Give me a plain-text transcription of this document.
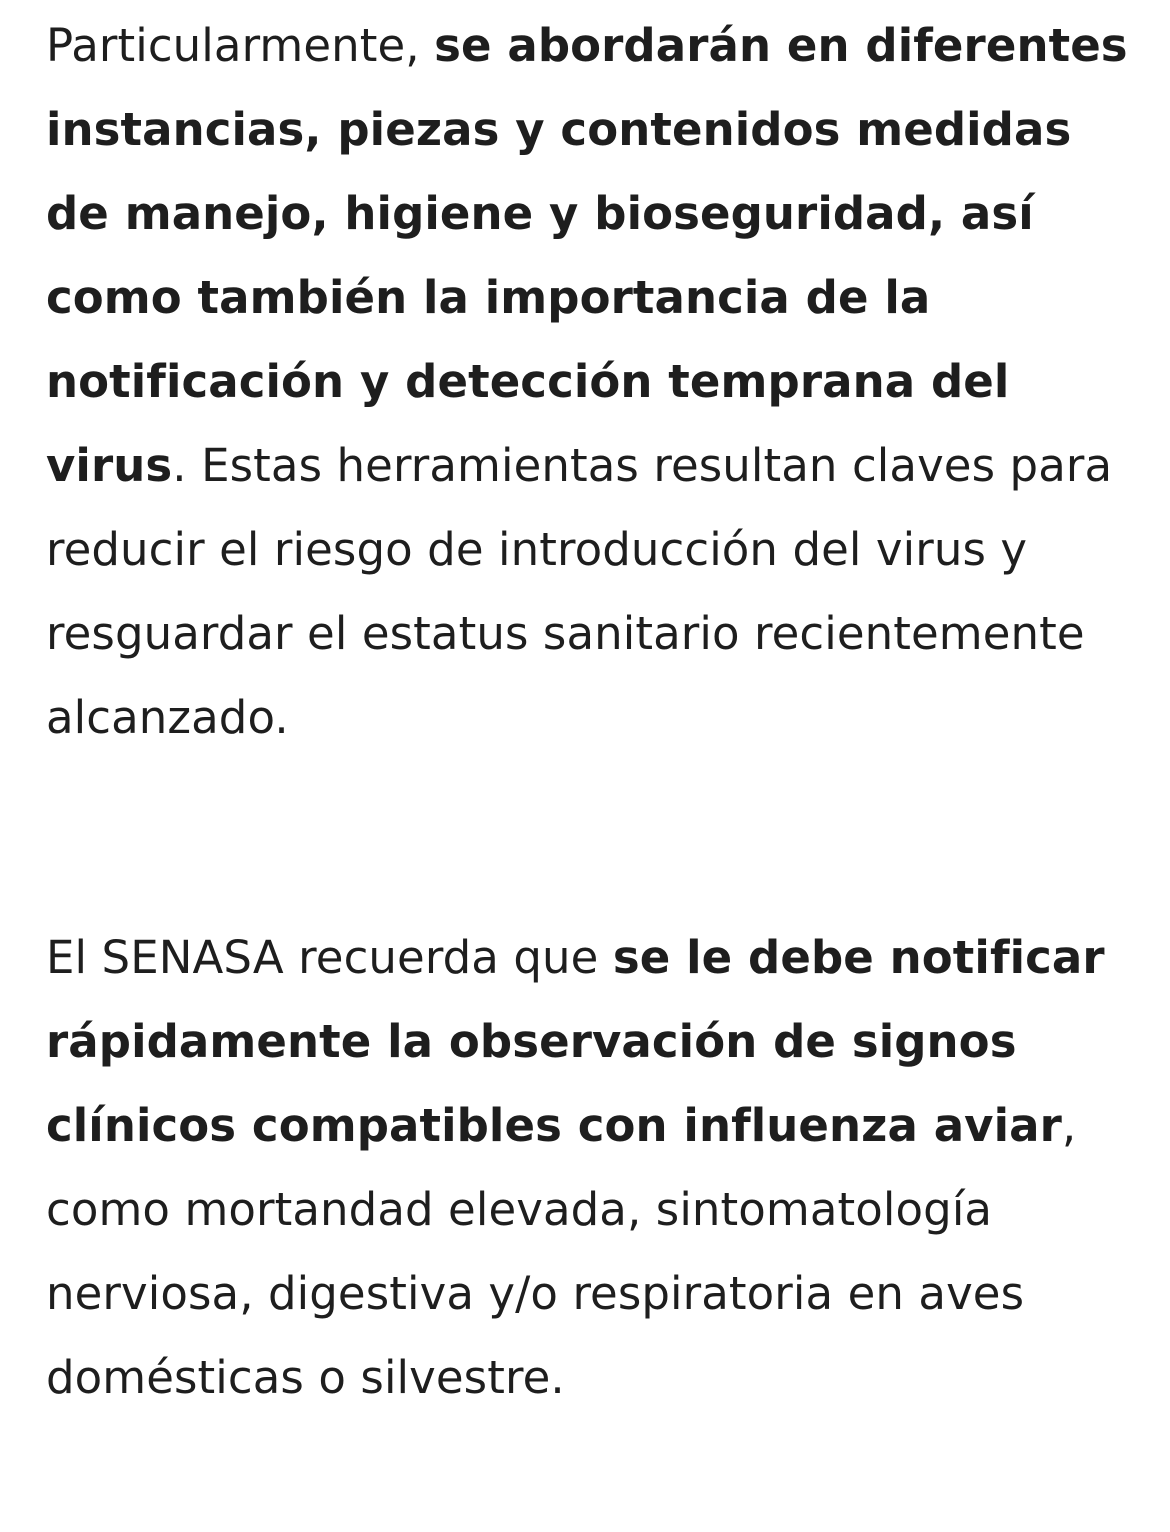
Particularmente, se abordarán en diferentes instancias, piezas y contenidos medidas de manejo, higiene y bioseguridad, así como también la importancia de la notificación y detección temprana del virus. Estas herramientas resultan claves para reducir el riesgo de introducción del virus y resguardar el estatus sanitario recientemente alcanzado.

El SENASA recuerda que se le debe notificar rápidamente la observación de signos clínicos compatibles con influenza aviar, como mortandad elevada, sintomatología nerviosa, digestiva y/o respiratoria en aves domésticas o silvestre.
